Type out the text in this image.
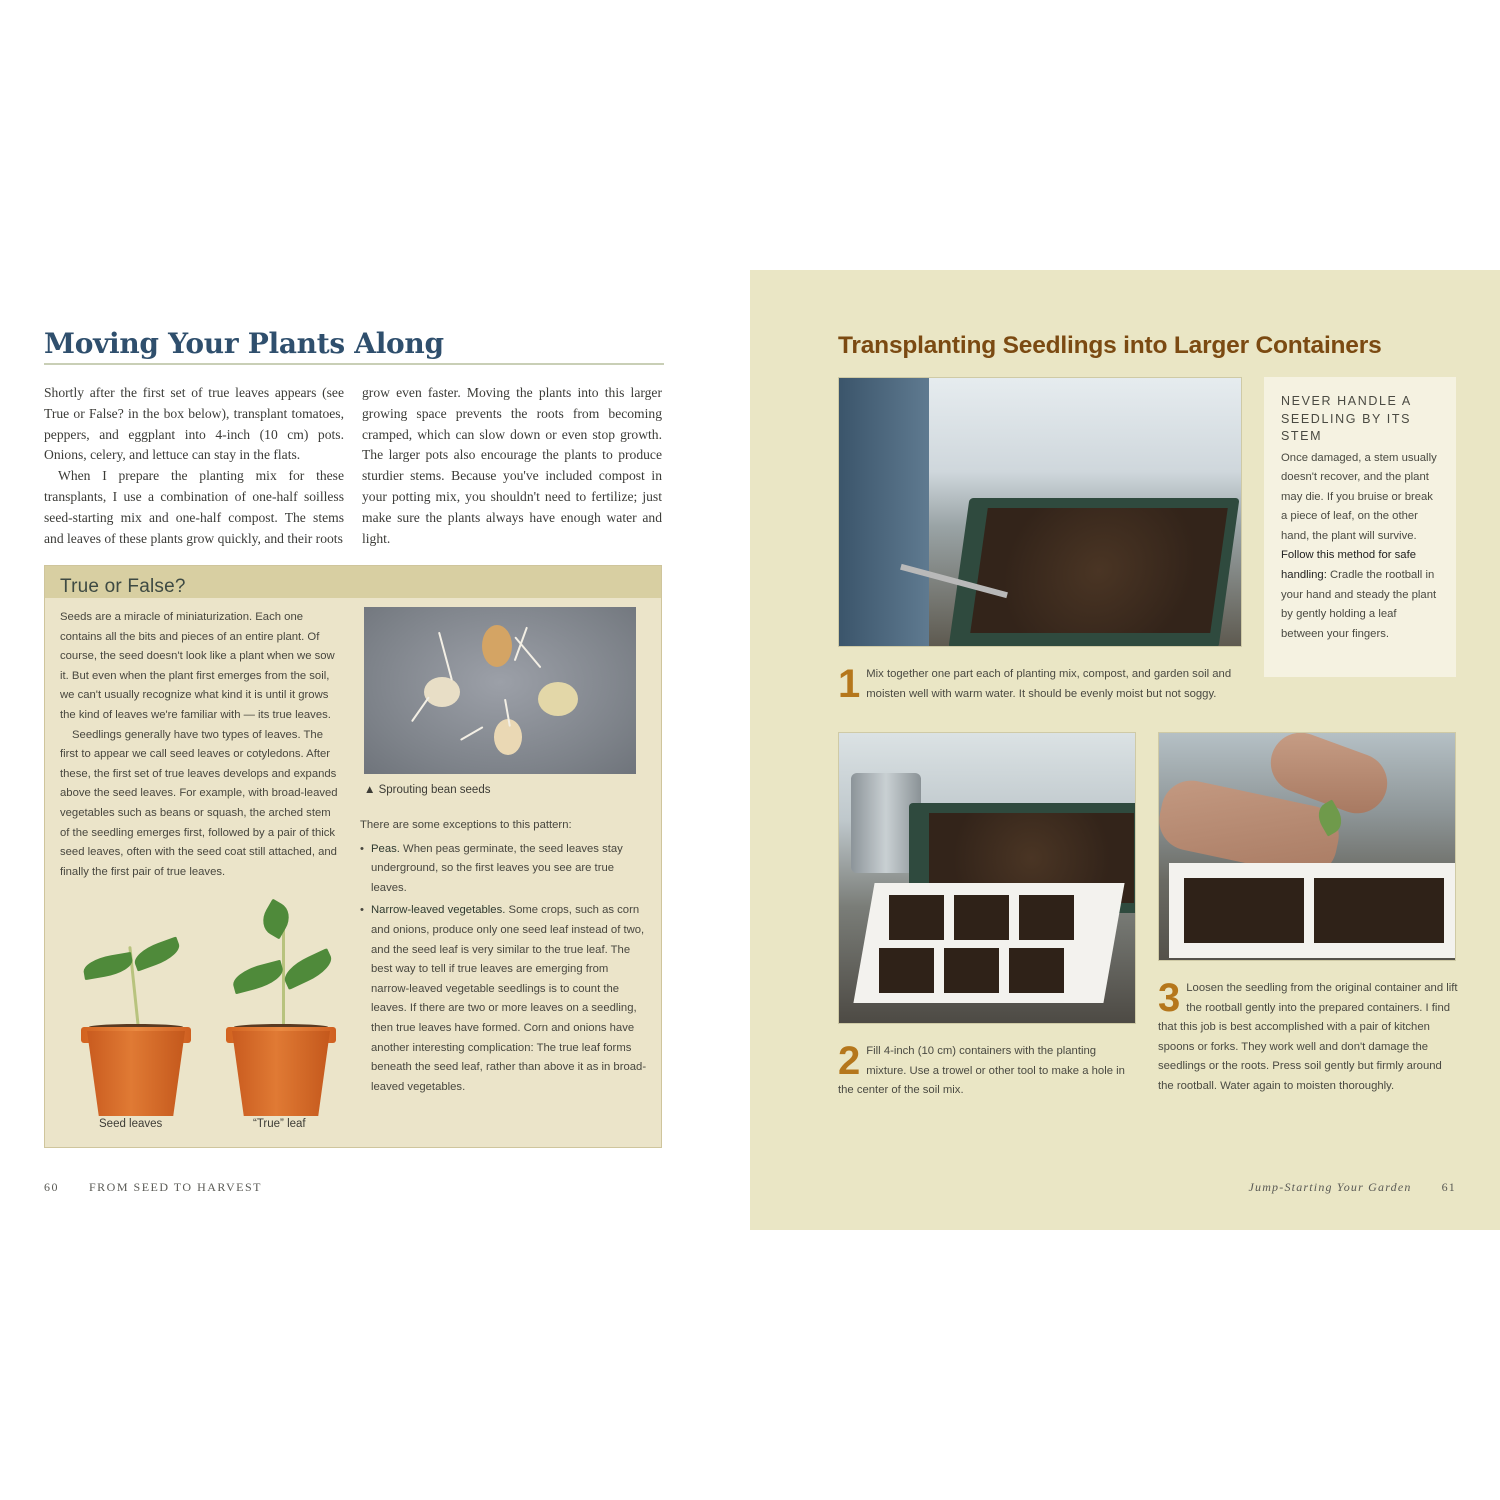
Moving Your Plants Along

Shortly after the first set of true leaves appears (see True or False? in the box below), transplant tomatoes, peppers, and eggplant into 4-inch (10 cm) pots. Onions, celery, and lettuce can stay in the flats.

When I prepare the planting mix for these transplants, I use a combination of one-half soilless seed-starting mix and one-half compost. The stems and leaves of these plants grow quickly, and their roots

grow even faster. Moving the plants into this larger growing space prevents the roots from becoming cramped, which can slow down or even stop growth. The larger pots also encourage the plants to produce sturdier stems. Because you've included compost in your potting mix, you shouldn't need to fertilize; just make sure the plants always have enough water and light.

True or False?

Seeds are a miracle of miniaturization. Each one contains all the bits and pieces of an entire plant. Of course, the seed doesn't look like a plant when we sow it. But even when the plant first emerges from the soil, we can't usually recognize what kind it is until it grows the kind of leaves we're familiar with — its true leaves.

Seedlings generally have two types of leaves. The first to appear we call seed leaves or cotyledons. After these, the first set of true leaves develops and expands above the seed leaves. For example, with broad-leaved vegetables such as beans or squash, the arched stem of the seedling emerges first, followed by a pair of thick seed leaves, often with the seed coat still attached, and finally the first pair of true leaves.

▲ Sprouting bean seeds

There are some exceptions to this pattern:

• Peas. When peas germinate, the seed leaves stay underground, so the first leaves you see are true leaves.
• Narrow-leaved vegetables. Some crops, such as corn and onions, produce only one seed leaf instead of two, and the seed leaf is very similar to the true leaf. The best way to tell if true leaves are emerging from narrow-leaved vegetable seedlings is to count the leaves. If there are two or more leaves on a seedling, then true leaves have formed. Corn and onions have another interesting complication: The true leaf forms beneath the seed leaf, rather than above it as in broad-leaved vegetables.
Seed leaves	“True” leaf
60	FROM SEED TO HARVEST
Transplanting Seedlings into Larger Containers
NEVER HANDLE A SEEDLING BY ITS STEM
Once damaged, a stem usually doesn't recover, and the plant may die. If you bruise or break a piece of leaf, on the other hand, the plant will survive. Follow this method for safe handling: Cradle the rootball in your hand and steady the plant by gently holding a leaf between your fingers.
1 Mix together one part each of planting mix, compost, and garden soil and moisten well with warm water. It should be evenly moist but not soggy.
2 Fill 4-inch (10 cm) containers with the planting mixture. Use a trowel or other tool to make a hole in the center of the soil mix.
3 Loosen the seedling from the original container and lift the rootball gently into the prepared containers. I find that this job is best accomplished with a pair of kitchen spoons or forks. They work well and don't damage the seedlings or the roots. Press soil gently but firmly around the rootball. Water again to moisten thoroughly.
Jump-Starting Your Garden	61
